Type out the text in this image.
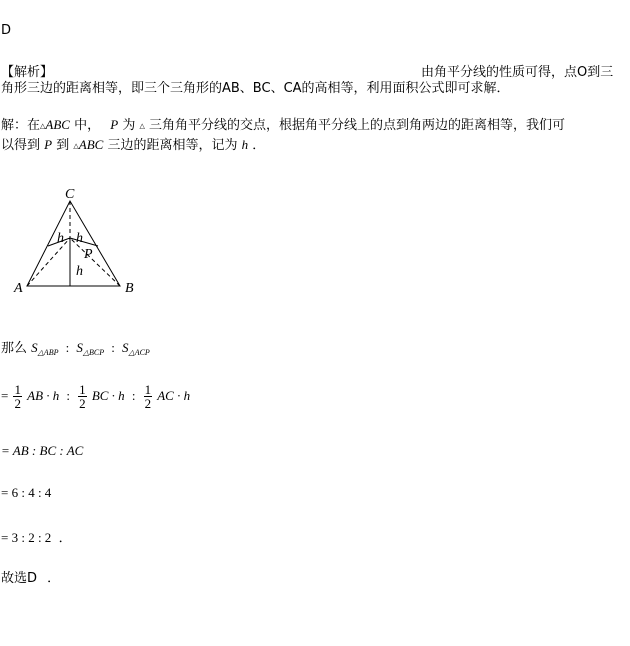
D
【解析】	由角平分线的性质可得，点O到三
角形三边的距离相等，即三个三角形的AB、BC、CA的高相等，利用面积公式即可求解．
解：在△ABC 中， P 为 △ 三角角平分线的交点，根据角平分线上的点到角两边的距离相等，我们可
以得到 P 到 △ABC 三边的距离相等，记为 h ．
C
A	B
P
h h
h
那么 $S_{\triangle ABP}$ : $S_{\triangle BCP}$ : $S_{\triangle ACP}$
= $\frac{1}{2}$ AB · h : $\frac{1}{2}$ BC · h : $\frac{1}{2}$ AC · h
= AB : BC : AC
= 6 : 4 : 4
= 3 : 2 : 2 ．
故选D ．
